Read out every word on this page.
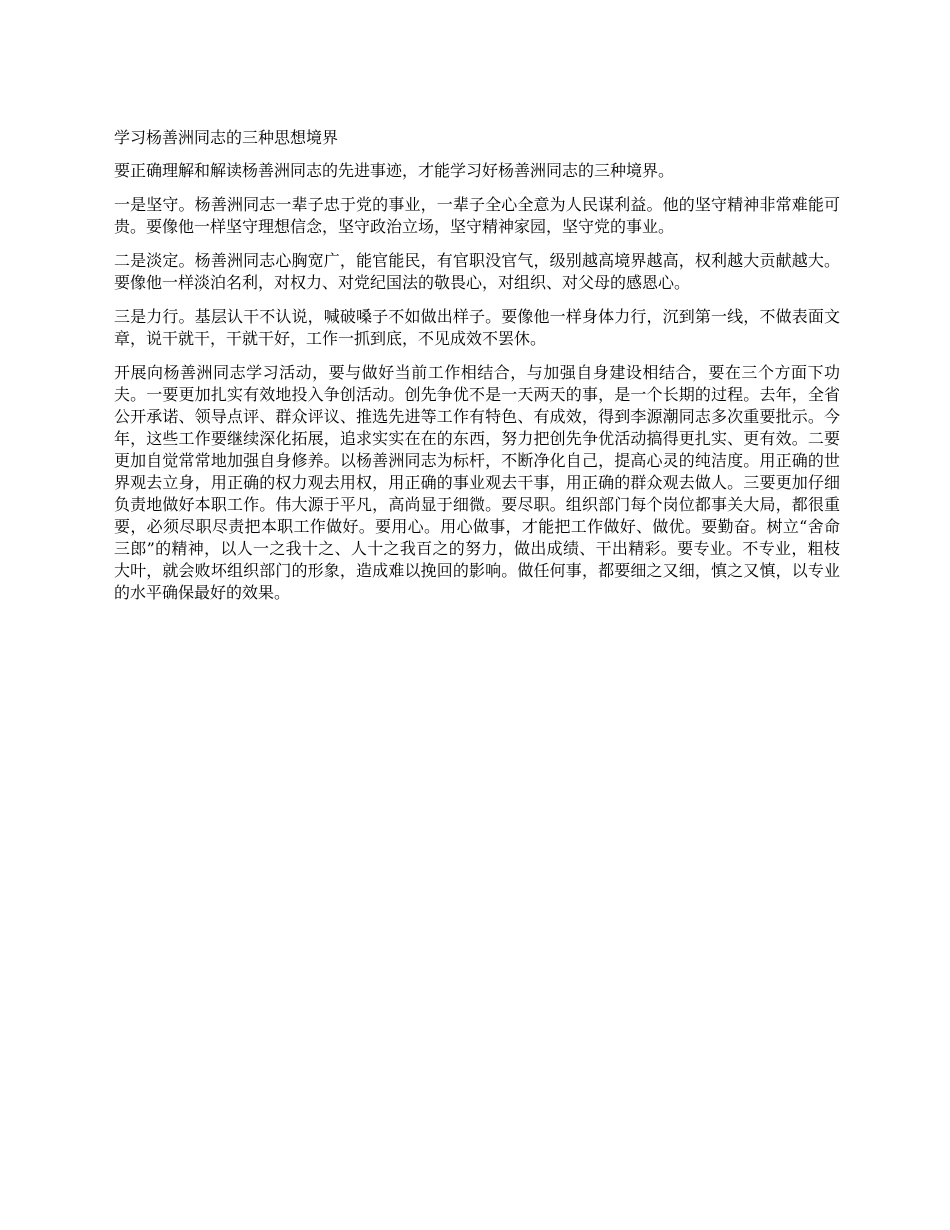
学习杨善洲同志的三种思想境界

要正确理解和解读杨善洲同志的先进事迹，才能学习好杨善洲同志的三种境界。

一是坚守。杨善洲同志一辈子忠于党的事业，一辈子全心全意为人民谋利益。他的坚守精神非常难能可贵。要像他一样坚守理想信念，坚守政治立场，坚守精神家园，坚守党的事业。

二是淡定。杨善洲同志心胸宽广，能官能民，有官职没官气，级别越高境界越高，权利越大贡献越大。要像他一样淡泊名利，对权力、对党纪国法的敬畏心，对组织、对父母的感恩心。

三是力行。基层认干不认说，喊破嗓子不如做出样子。要像他一样身体力行，沉到第一线，不做表面文章，说干就干，干就干好，工作一抓到底，不见成效不罢休。

开展向杨善洲同志学习活动，要与做好当前工作相结合，与加强自身建设相结合，要在三个方面下功夫。一要更加扎实有效地投入争创活动。创先争优不是一天两天的事，是一个长期的过程。去年，全省公开承诺、领导点评、群众评议、推选先进等工作有特色、有成效，得到李源潮同志多次重要批示。今年，这些工作要继续深化拓展，追求实实在在的东西，努力把创先争优活动搞得更扎实、更有效。二要更加自觉常常地加强自身修养。以杨善洲同志为标杆，不断净化自己，提高心灵的纯洁度。用正确的世界观去立身，用正确的权力观去用权，用正确的事业观去干事，用正确的群众观去做人。三要更加仔细负责地做好本职工作。伟大源于平凡，高尚显于细微。要尽职。组织部门每个岗位都事关大局，都很重要，必须尽职尽责把本职工作做好。要用心。用心做事，才能把工作做好、做优。要勤奋。树立“舍命三郎”的精神，以人一之我十之、人十之我百之的努力，做出成绩、干出精彩。要专业。不专业，粗枝大叶，就会败坏组织部门的形象，造成难以挽回的影响。做任何事，都要细之又细，慎之又慎，以专业的水平确保最好的效果。
